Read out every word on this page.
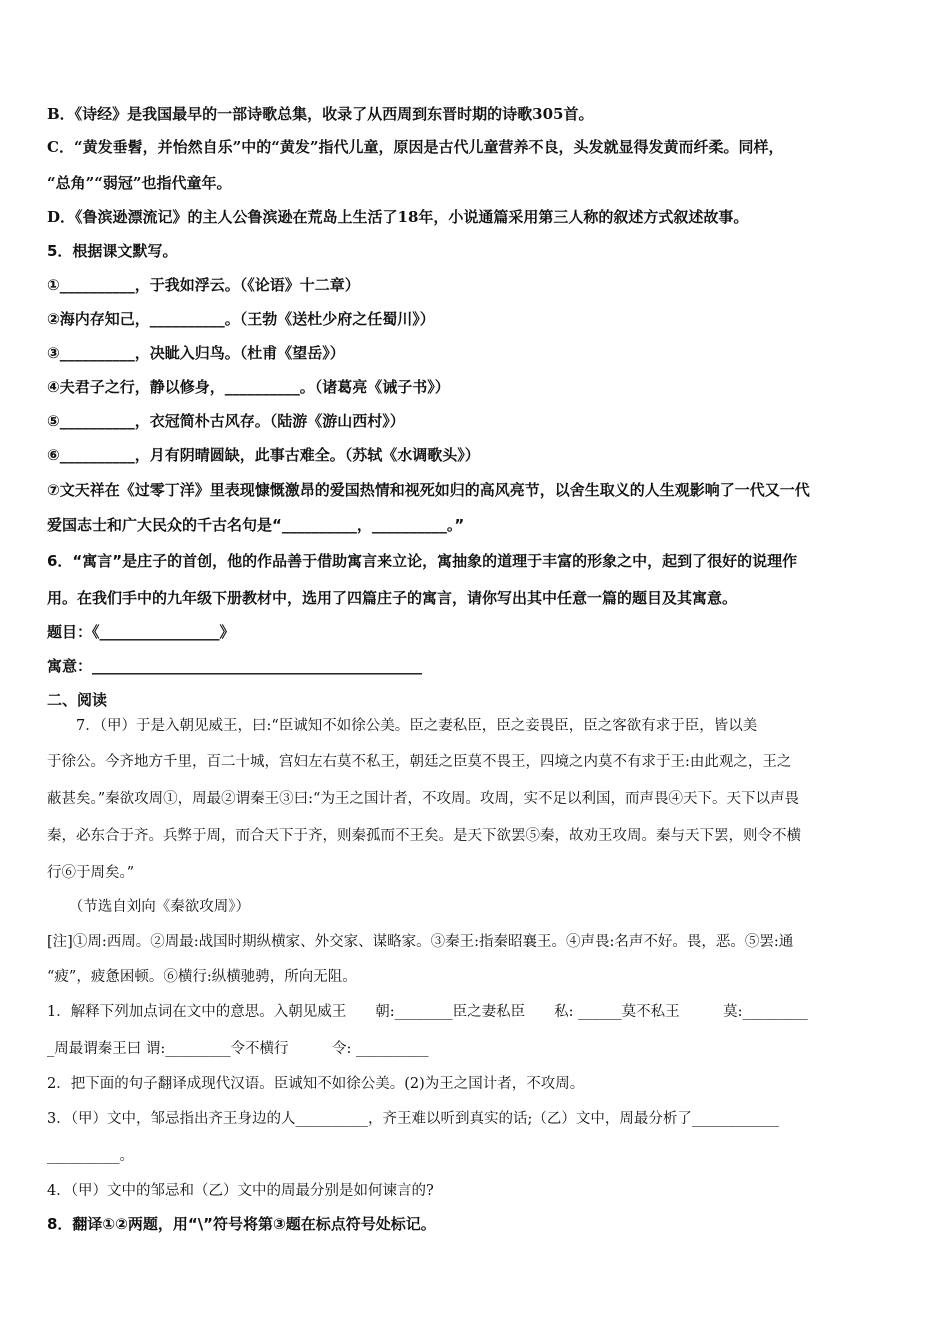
B．《诗经》是我国最早的一部诗歌总集，收录了从西周到东晋时期的诗歌305首。
C．“黄发垂髫，并怡然自乐”中的“黄发”指代儿童，原因是古代儿童营养不良，头发就显得发黄而纤柔。同样，
“总角”“弱冠”也指代童年。
D．《鲁滨逊漂流记》的主人公鲁滨逊在荒岛上生活了18年，小说通篇采用第三人称的叙述方式叙述故事。
5．根据课文默写。
①__________，于我如浮云。（《论语》十二章）
②海内存知己，__________。（王勃《送杜少府之任蜀川》）
③__________，决眦入归鸟。（杜甫《望岳》）
④夫君子之行，静以修身，__________。（诸葛亮《诫子书》）
⑤__________，衣冠简朴古风存。（陆游《游山西村》）
⑥__________，月有阴晴圆缺，此事古难全。（苏轼《水调歌头》）
⑦文天祥在《过零丁洋》里表现慷慨激昂的爱国热情和视死如归的高风亮节，以舍生取义的人生观影响了一代又一代
爱国志士和广大民众的千古名句是“__________，__________。”
6．“寓言”是庄子的首创，他的作品善于借助寓言来立论，寓抽象的道理于丰富的形象之中，起到了很好的说理作
用。在我们手中的九年级下册教材中，选用了四篇庄子的寓言，请你写出其中任意一篇的题目及其寓意。
题目：《________________》
寓意：____________________________________________
二、阅读
　　7．（甲）于是入朝见威王，曰:“臣诚知不如徐公美。臣之妻私臣，臣之妾畏臣，臣之客欲有求于臣，皆以美
于徐公。今齐地方千里，百二十城，宫妇左右莫不私王，朝廷之臣莫不畏王，四境之内莫不有求于王:由此观之，王之
蔽甚矣。”秦欲攻周①，周最②谓秦王③曰:“为王之国计者，不攻周。攻周，实不足以利国，而声畏④天下。天下以声畏
秦，必东合于齐。兵弊于周，而合天下于齐，则秦孤而不王矣。是天下欲罢⑤秦，故劝王攻周。秦与天下罢，则令不横
行⑥于周矣。”
　　（节选自刘向《秦欲攻周》）
[注]①周:西周。②周最:战国时期纵横家、外交家、谋略家。③秦王:指秦昭襄王。④声畏:名声不好。畏，恶。⑤罢:通
“疲”，疲惫困顿。⑥横行:纵横驰骋，所向无阻。
1．解释下列加点词在文中的意思。入朝见威王　　朝:________臣之妻私臣　　私: ______莫不私王　　　莫:_________
_周最谓秦王曰 谓:_________令不横行　　　令: __________
2．把下面的句子翻译成现代汉语。臣诚知不如徐公美。(2)为王之国计者，不攻周。
3．（甲）文中，邹忌指出齐王身边的人__________，齐王难以听到真实的话;（乙）文中，周最分析了____________
__________。
4．（甲）文中的邹忌和（乙）文中的周最分别是如何谏言的?
8．翻译①②两题，用“\”符号将第③题在标点符号处标记。
